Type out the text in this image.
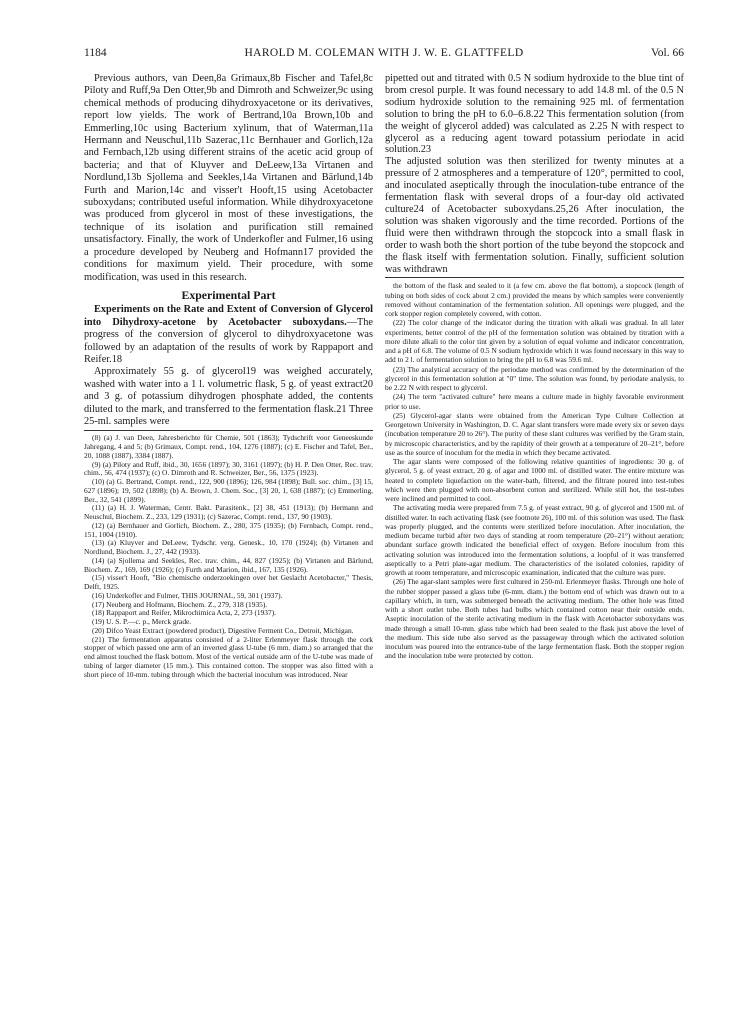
1184	HAROLD M. COLEMAN WITH J. W. E. GLATTFELD	Vol. 66

Previous authors, van Deen,8a Grimaux,8b Fischer and Tafel,8c Piloty and Ruff,9a Den Otter,9b and Dimroth and Schweizer,9c using chemical methods of producing dihydroxyacetone or its derivatives, report low yields. The work of Bertrand,10a Brown,10b and Emmerling,10c using Bacterium xylinum, that of Waterman,11a Hermann and Neuschul,11b Sazerac,11c Bernhauer and Gorlich,12a and Fernbach,12b using different strains of the acetic acid group of bacteria; and that of Kluyver and DeLeew,13a Virtanen and Nordlund,13b Sjollema and Seekles,14a Virtanen and Bärlund,14b Furth and Marion,14c and visser't Hooft,15 using Acetobacter suboxydans; contributed useful information. While dihydroxyacetone was produced from glycerol in most of these investigations, the technique of its isolation and purification still remained unsatisfactory. Finally, the work of Underkofler and Fulmer,16 using a procedure developed by Neuberg and Hofmann17 provided the conditions for maximum yield. Their procedure, with some modification, was used in this research.

Experimental Part

Experiments on the Rate and Extent of Conversion of Glycerol into Dihydroxy-acetone by Acetobacter suboxydans.—The progress of the conversion of glycerol to dihydroxyacetone was followed by an adaptation of the results of work by Rappaport and Reifer.18

Approximately 55 g. of glycerol19 was weighed accurately, washed with water into a 1 l. volumetric flask, 5 g. of yeast extract20 and 3 g. of potassium dihydrogen phosphate added, the contents diluted to the mark, and transferred to the fermentation flask.21 Three 25-ml. samples were

(8) (a) J. van Deen, Jahresberichte für Chemie, 501 (1863); Tydschrift voor Geneeskunde Jahregang, 4 and 5; (b) Grimaux, Compt. rend., 104, 1276 (1887); (c) E. Fischer and Tafel, Ber., 20, 1088 (1887), 3384 (1887).

(9) (a) Piloty and Ruff, ibid., 30, 1656 (1897); 30, 3161 (1897); (b) H. P. Den Otter, Rec. trav. chim., 56, 474 (1937); (c) O. Dimroth and R. Schweizer, Ber., 56, 1375 (1923).

(10) (a) G. Bertrand, Compt. rend., 122, 900 (1896); 126, 984 (1898); Bull. soc. chim., [3] 15, 627 (1896); 19, 502 (1898); (b) A. Brown, J. Chem. Soc., [3] 20, 1, 638 (1887); (c) Emmerling, Ber., 32, 541 (1899).

(11) (a) H. J. Waterman, Centr. Bakt. Parasitenk., [2] 38, 451 (1913); (b) Hermann and Neuschul, Biochem. Z., 233, 129 (1931); (c) Sazerac, Compt. rend., 137, 90 (1903).

(12) (a) Bernhauer and Gorlich, Biochem. Z., 280, 375 (1935); (b) Fernbach, Compt. rend., 151, 1004 (1910).

(13) (a) Kluyver and DeLeew, Tydschr. verg. Genesk., 10, 170 (1924); (b) Virtanen and Nordlund, Biochem. J., 27, 442 (1933).

(14) (a) Sjollema and Seekles, Rec. trav. chim., 44, 827 (1925); (b) Virtanen and Bärlund, Biochem. Z., 169, 169 (1926); (c) Furth and Marion, ibid., 167, 135 (1926).

(15) visser't Hooft, "Bio chemische onderzoekingen over het Geslacht Acetobacter," Thesis, Delft, 1925.

(16) Underkofler and Fulmer, THIS JOURNAL, 59, 301 (1937).

(17) Neuberg and Hofmann, Biochem. Z., 279, 318 (1935).

(18) Rappaport and Reifer, Mikrochimica Acta, 2, 273 (1937).

(19) U. S. P.—c. p., Merck grade.

(20) Difco Yeast Extract (powdered product), Digestive Ferment Co., Detroit, Michigan.

(21) The fermentation apparatus consisted of a 2-liter Erlenmeyer flask through the cork stopper of which passed one arm of an inverted glass U-tube (6 mm. diam.) so arranged that the end almost touched the flask bottom. Most of the vertical outside arm of the U-tube was made of tubing of larger diameter (15 mm.). This contained cotton. The stopper was also fitted with a short piece of 10-mm. tubing through which the bacterial inoculum was introduced. Near

pipetted out and titrated with 0.5 N sodium hydroxide to the blue tint of brom cresol purple. It was found necessary to add 14.8 ml. of the 0.5 N sodium hydroxide solution to the remaining 925 ml. of fermentation solution to bring the pH to 6.0–6.8.22 This fermentation solution (from the weight of glycerol added) was calculated as 2.25 N with respect to glycerol as a reducing agent toward potassium periodate in acid solution.23

The adjusted solution was then sterilized for twenty minutes at a pressure of 2 atmospheres and a temperature of 120°, permitted to cool, and inoculated aseptically through the inoculation-tube entrance of the fermentation flask with several drops of a four-day old activated culture24 of Acetobacter suboxydans.25,26 After inoculation, the solution was shaken vigorously and the time recorded. Portions of the fluid were then withdrawn through the stopcock into a small flask in order to wash both the short portion of the tube beyond the stopcock and the flask itself with fermentation solution. Finally, sufficient solution was withdrawn

the bottom of the flask and sealed to it (a few cm. above the flat bottom), a stopcock (length of tubing on both sides of cock about 2 cm.) provided the means by which samples were conveniently removed without contamination of the fermentation solution. All openings were plugged, and the cork stopper region completely covered, with cotton.

(22) The color change of the indicator during the titration with alkali was gradual. In all later experiments, better control of the pH of the fermentation solution was obtained by titration with a more dilute alkali to the color tint given by a solution of equal volume and indicator concentration, and a pH of 6.8. The volume of 0.5 N sodium hydroxide which it was found necessary in this way to add to 2 l. of fermentation solution to bring the pH to 6.8 was 59.6 ml.

(23) The analytical accuracy of the periodate method was confirmed by the determination of the glycerol in this fermentation solution at "0" time. The solution was found, by periodate analysis, to be 2.22 N with respect to glycerol.

(24) The term "activated culture" here means a culture made in highly favorable environment prior to use.

(25) Glycerol-agar slants were obtained from the American Type Culture Collection at Georgetown University in Washington, D. C. Agar slant transfers were made every six or seven days (incubation temperature 20 to 26°). The purity of these slant cultures was verified by the Gram stain, by microscopic characteristics, and by the rapidity of their growth at a temperature of 20–21°, before use as the source of inoculum for the media in which they became activated.

The agar slants were composed of the following relative quantities of ingredients: 30 g. of glycerol, 5 g. of yeast extract, 20 g. of agar and 1000 ml. of distilled water. The entire mixture was heated to complete liquefaction on the water-bath, filtered, and the filtrate poured into test-tubes which were then plugged with non-absorbent cotton and sterilized. While still hot, the test-tubes were inclined and permitted to cool.

The activating media were prepared from 7.5 g. of yeast extract, 90 g. of glycerol and 1500 ml. of distilled water. In each activating flask (see footnote 26), 100 ml. of this solution was used. The flask was properly plugged, and the contents were sterilized before inoculation. After inoculation, the medium became turbid after two days of standing at room temperature (20–21°) without aeration; abundant surface growth indicated the beneficial effect of oxygen. Before inoculum from this activating solution was introduced into the fermentation solutions, a loopful of it was transferred aseptically to a Petri plate-agar medium. The characteristics of the isolated colonies, rapidity of growth at room temperature, and microscopic examination, indicated that the culture was pure.

(26) The agar-slant samples were first cultured in 250-ml. Erlenmeyer flasks. Through one hole of the rubber stopper passed a glass tube (6-mm. diam.) the bottom end of which was drawn out to a capillary which, in turn, was submerged beneath the activating medium. The other hole was fitted with a short outlet tube. Both tubes had bulbs which contained cotton near their outside ends. Aseptic inoculation of the sterile activating medium in the flask with Acetobacter suboxydans was made through a small 10-mm. glass tube which had been sealed to the flask just above the level of the medium. This side tube also served as the passageway through which the activated solution inoculum was poured into the entrance-tube of the large fermentation flask. Both the stopper region and the inoculation tube were protected by cotton.
